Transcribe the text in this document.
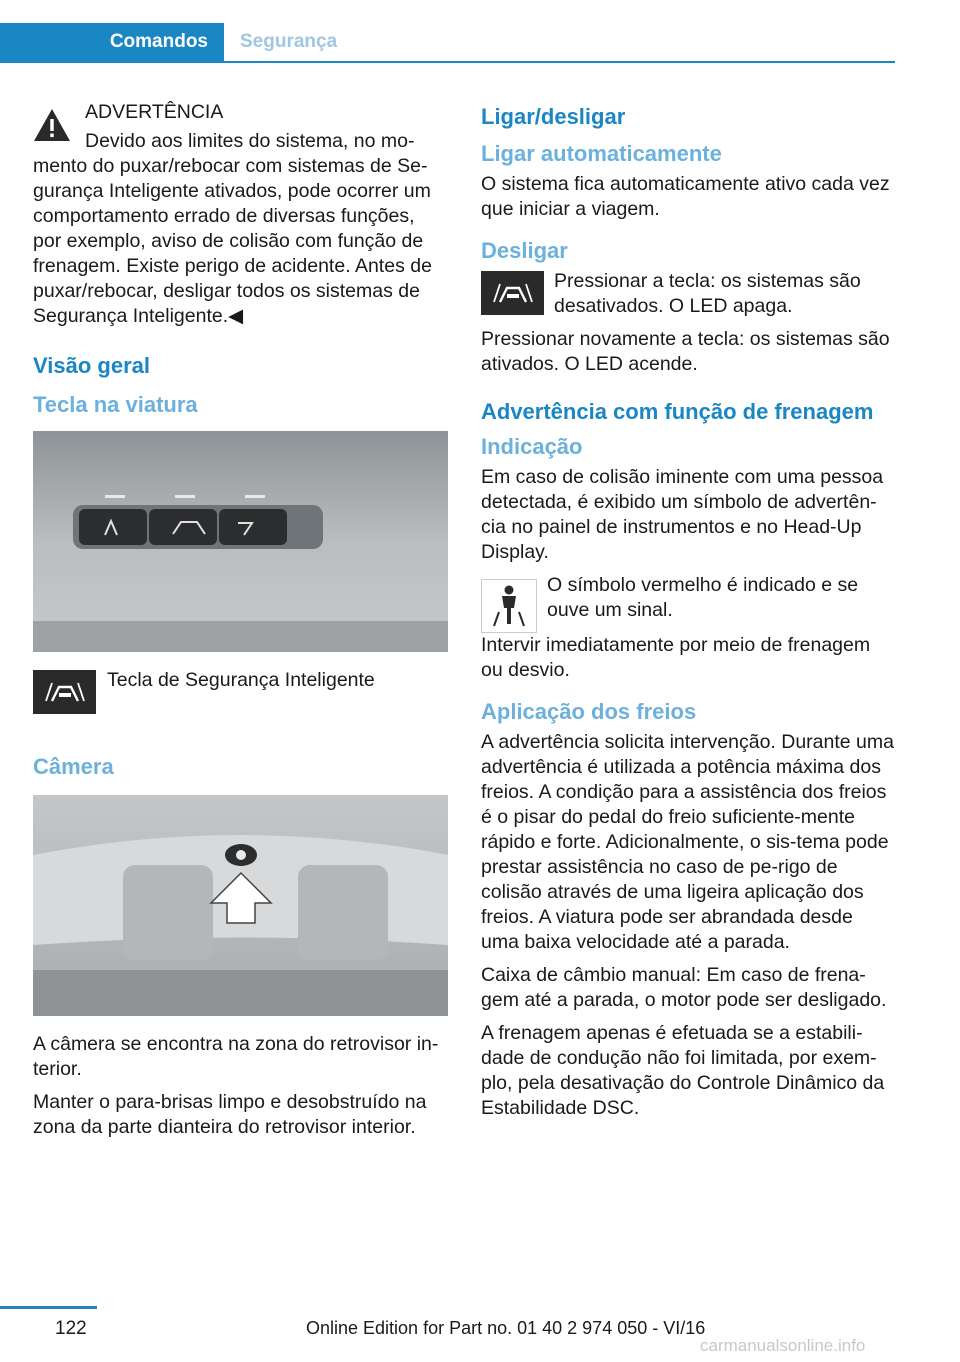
Comandos	Segurança

ADVERTÊNCIA

Devido aos limites do sistema, no mo-

mento do puxar/rebocar com sistemas de Se-gurança Inteligente ativados, pode ocorrer um comportamento errado de diversas funções, por exemplo, aviso de colisão com função de frenagem. Existe perigo de acidente. Antes de puxar/rebocar, desligar todos os sistemas de Segurança Inteligente.◀

Visão geral
Tecla na viatura

Tecla de Segurança Inteligente

Câmera

A câmera se encontra na zona do retrovisor in-terior.

Manter o para-brisas limpo e desobstruído na zona da parte dianteira do retrovisor interior.

Ligar/desligar
Ligar automaticamente

O sistema fica automaticamente ativo cada vez que iniciar a viagem.

Desligar

Pressionar a tecla: os sistemas são desativados. O LED apaga.

Pressionar novamente a tecla: os sistemas são ativados. O LED acende.

Advertência com função de frenagem
Indicação

Em caso de colisão iminente com uma pessoa detectada, é exibido um símbolo de advertên-cia no painel de instrumentos e no Head-Up Display.

O símbolo vermelho é indicado e se ouve um sinal.

Intervir imediatamente por meio de frenagem ou desvio.

Aplicação dos freios

A advertência solicita intervenção. Durante uma advertência é utilizada a potência máxima dos freios. A condição para a assistência dos freios é o pisar do pedal do freio suficiente-mente rápido e forte. Adicionalmente, o sis-tema pode prestar assistência no caso de pe-rigo de colisão através de uma ligeira aplicação dos freios. A viatura pode ser abrandada desde uma baixa velocidade até a parada.

Caixa de câmbio manual: Em caso de frena-gem até a parada, o motor pode ser desligado.

A frenagem apenas é efetuada se a estabili-dade de condução não foi limitada, por exem-plo, pela desativação do Controle Dinâmico da Estabilidade DSC.

122	Online Edition for Part no. 01 40 2 974 050 - VI/16
carmanualsonline.info
